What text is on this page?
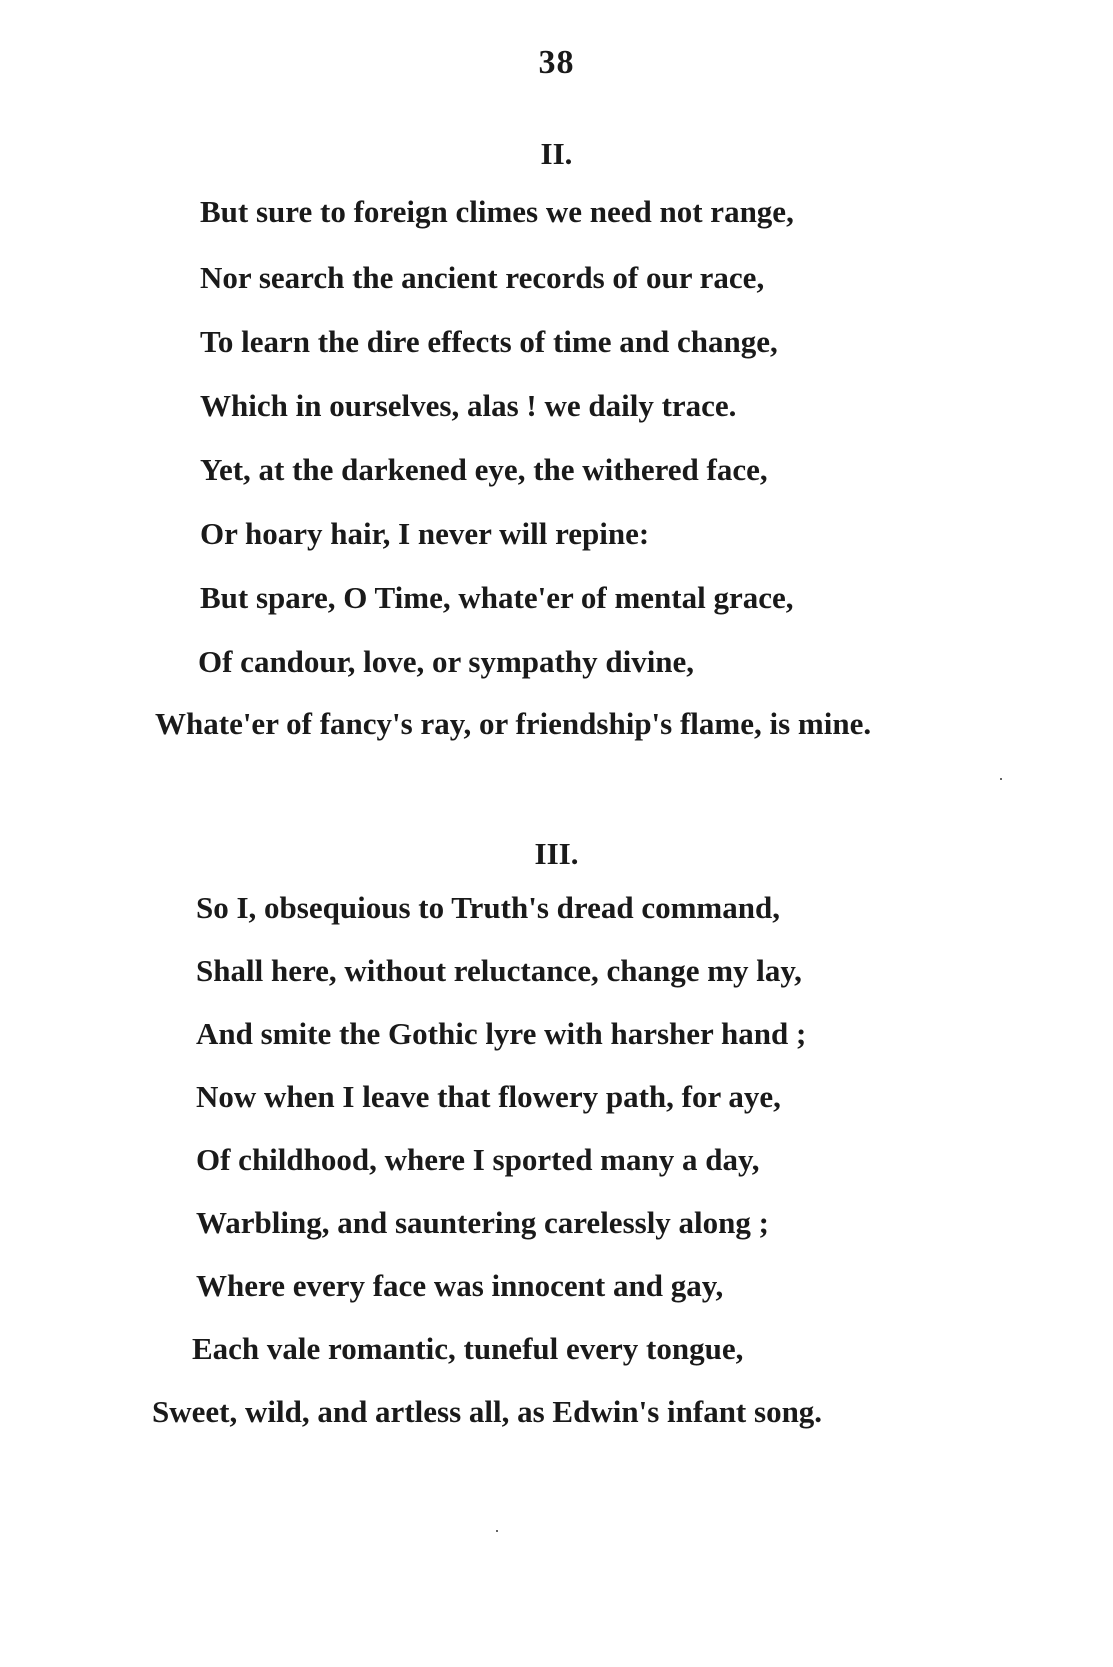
38
II.
But sure to foreign climes we need not range,
Nor search the ancient records of our race,
To learn the dire effects of time and change,
Which in ourselves, alas ! we daily trace.
Yet, at the darkened eye, the withered face,
Or hoary hair, I never will repine:
But spare, O Time, whate'er of mental grace,
Of candour, love, or sympathy divine,
Whate'er of fancy's ray, or friendship's flame, is mine.
III.
So I, obsequious to Truth's dread command,
Shall here, without reluctance, change my lay,
And smite the Gothic lyre with harsher hand ;
Now when I leave that flowery path, for aye,
Of childhood, where I sported many a day,
Warbling, and sauntering carelessly along ;
Where every face was innocent and gay,
Each vale romantic, tuneful every tongue,
Sweet, wild, and artless all, as Edwin's infant song.
